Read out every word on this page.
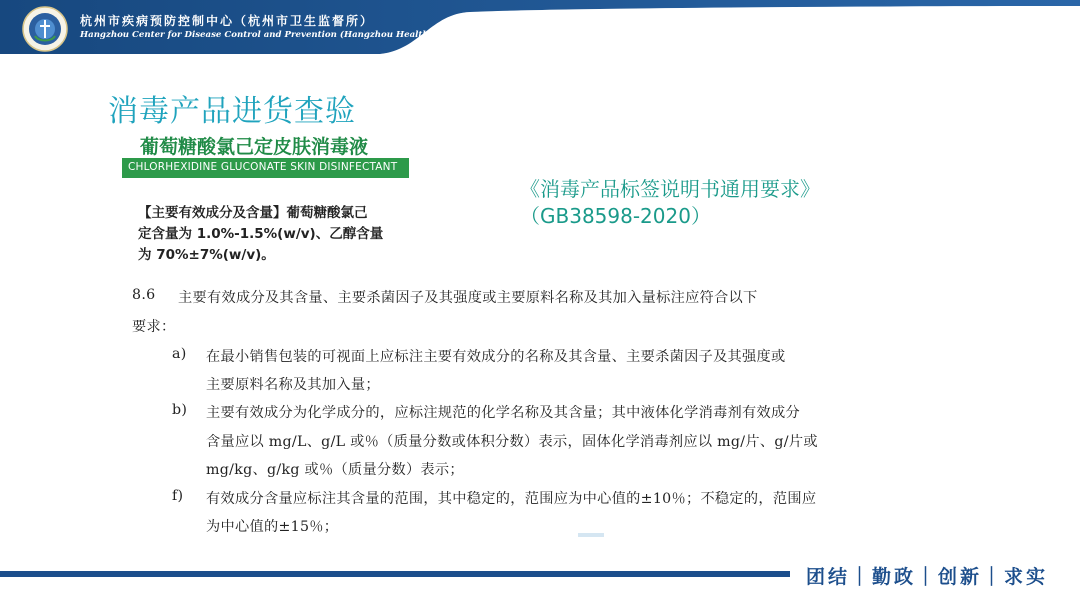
杭州市疾病预防控制中心（杭州市卫生监督所）
Hangzhou Center for Disease Control and Prevention (Hangzhou Health Supervision Institution)
消毒产品进货查验
葡萄糖酸氯己定皮肤消毒液
CHLORHEXIDINE GLUCONATE SKIN DISINFECTANT
【主要有效成分及含量】葡萄糖酸氯己
定含量为 1.0%-1.5%(w/v)、乙醇含量
为 70%±7%(w/v)。
《消毒产品标签说明书通用要求》
（GB38598-2020）
8.6 主要有效成分及其含量、主要杀菌因子及其强度或主要原料名称及其加入量标注应符合以下
要求：
a) 在最小销售包装的可视面上应标注主要有效成分的名称及其含量、主要杀菌因子及其强度或
主要原料名称及其加入量；
b) 主要有效成分为化学成分的，应标注规范的化学名称及其含量；其中液体化学消毒剂有效成分
含量应以 mg/L、g/L 或％（质量分数或体积分数）表示，固体化学消毒剂应以 mg/片、g/片或
mg/kg、g/kg 或％（质量分数）表示；
f) 有效成分含量应标注其含量的范围，其中稳定的，范围应为中心值的±10％；不稳定的，范围应
为中心值的±15％；
团结｜勤政｜创新｜求实
